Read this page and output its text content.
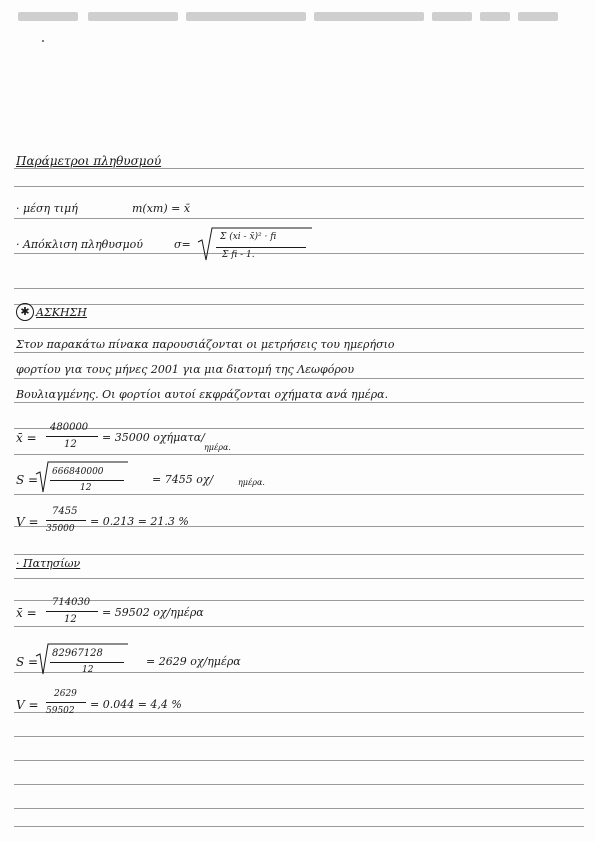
Παράμετροι πληθυσμού
· μέση τιμή	m(xm) = x̄
· Απόκλιση πληθυσμού	σ=
Σ (xi - x̄)² · fi
Σ fi - 1.
✱ ΑΣΚΗΣΗ
Στον παρακάτω πίνακα παρουσιάζονται οι μετρήσεις του ημερήσιο
φορτίου για τους μήνες 2001 για μια διατομή της Λεωφόρου
Βουλιαγμένης. Οι φορτίοι αυτοί εκφράζονται οχήματα ανά ημέρα.
x̄ =
480000
12
= 35000 οχήματα/
ημέρα.
S =
666840000
12
= 7455 οχ/	ημέρα.
V =
7455
35000
= 0.213 = 21.3 %
· Πατησίων
x̄ =
714030
12
= 59502 οχ/ημέρα
S =
82967128
12
= 2629 οχ/ημέρα
V =
2629
59502 = 0.044 = 4,4 %
